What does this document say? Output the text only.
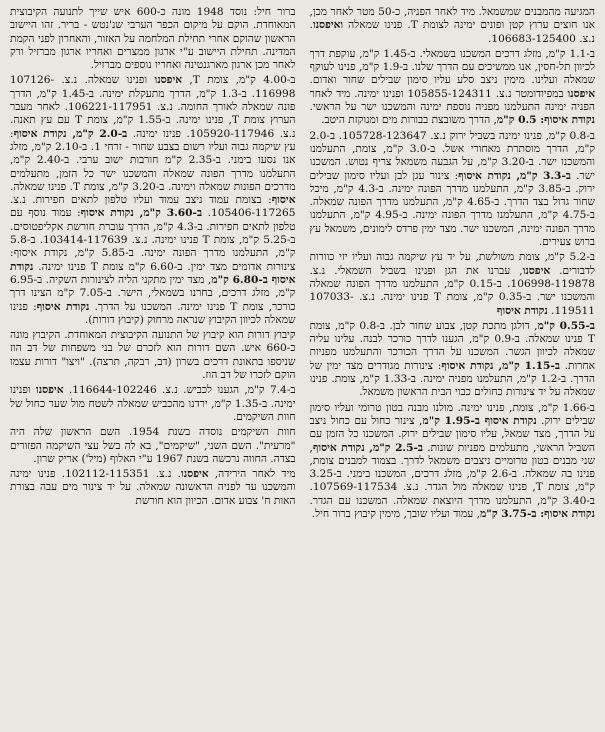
ברור חיל: נוסד 1948 מונה כ-600 איש שייך לתנועה הקיבוצית המאוחדת. הוקם על מיקום הכפר הערבי שנ'נטש - בריר. זהו היישוב הראשון שהוקם אחרי תחילת המלחמה על האזור, והאחרון לפני הקמת המדינה. תחילת היישוב ע"י ארגון ממצרים ואחריו ארגון מברזיל ורק לאחר מכן ארגון מארגנטינה ואחריו נוספים מברזיל.

ב-4.00 ק"מ, צומת T, איפסנו ופנינו שמאלה. נ.צ. 107126-116998. ב-1.3 ק"מ, הדרך מתעקלת ימינה. ב-1.45 ק"מ, הדרך פונה שמאלה לאורך החומה. נ.צ. 106221-117951. לאחר מעבר הערוץ צומת T, פנינו ימינה. ב-1.55 ק"מ, צומת T עם עץ תאנה. נ.צ. 105920-117946. פנינו ימינה. ב-2.0 ק"מ, נקודת איסוף: עץ שיקמה גבוה ועליו רשום בצבע שחור - זרחי 1. ב-2.10 ק"מ, מזלג אנו נסעו בימני. ב-2.35 ק"מ חורבות ישוב ערבי. ב-2.40 ק"מ, התעלמנו מדרך הפונה שמאלה והמשכנו ישר כל הזמן, מתעלמים מדרכים הפונות שמאלה וימינה. ב-3.20 ק"מ, צומת T. פנינו שמאלה. איסוף: בצומת עמוד ניצב עמוד ועליו טלפון לתאים חפירות. נ.צ. 105406-117265. ב-3.60 ק"מ, נקודת איסוף: עמוד נוסף עם טלפון לתאים חפירות. ב-4.3 ק"מ, הדרך עוברת חורשת אקליפטוסים. ב-5.25 ק"מ, צומת T פנינו ימינה. נ.צ. 103414-117639. ב-5.8 ק"מ, התעלמנו מדרך הפונה ימינה. ב-5.85 ק"מ, נקודת איסוף: צינורות אדומים מצד ימין. ב-6.60 ק"מ צומת T פנינו ימינה. נקודת איסוף ב-6.80 ק"מ, מצד ימין מתקני הליה לצינורות השקיה. ב-6.95 ק"מ, מזלג דרכים, בחרנו בשמאלי, הישר. ב-7.05 ק"מ הצינו דרך כורכר, צומת T פנינו ימינה. המשכנו על הדרך. נקודת איסוף: פנינו שמאלה לכיוון הקיבוץ שנראה מרחוק (קיבוץ דורות).

קיבוץ דורות הוא קיבוץ של התנועה הקיבוצית המאוחדת. הקיבוץ מונה כ-660 איש. השם דורות הוא לזכרם של בני משפחות של דב הוז שניספו בתאונת דרכים בשרון (דב, רבקה, תרצה). "ויצו" דורות עצמו הוקם לזכרו של דב הוז.

ב-7.4 ק"מ, הגענו לכביש. נ.צ. 116644-102246. איפסנו ופנינו ימינה. ב-1.35 ק"מ, ירדנו מהכביש שמאלה לשטח מול שער כחול של חוות השיקמים.

חוות השיקמים נוסדה בשנת 1954. השם הראשון שלה היה "מרעית". השם השני, "שיקמים", בא לה בשל עצי השיקמה הפזורים בצדה. החווה נרכשה בשנת 1967 ע"י האלוף (מיל') אריק שרון.

מיד לאחר הירידה, איפסנו. נ.צ. 102112-115351. פנינו ימינה והמשכנו עד לפניה הראשונה שמאלה. על יד צינור מים עבה בצורת האות ח' צבוע אדום. הכיוון הוא חורשת

המגיעה מהמבנים שמשמאל. מיד לאחר הפניה, כ-50 מטר לאחר מכן, אנו חוצים ערוץ קטן ופונים ימינה לצומת T. פנינו שמאלה ואיפסנו. נ.צ. 106683-125400.

ב-1.1 ק"מ, מזלג דרכים המשכנו בשמאלי. ב-1.45 ק"מ, עוקפת דרך לכיוון תל-חסין, אנו ממשיכים עם הדרך שלנו. ב-1.9 ק"מ, פנינו לעוקף שמאלה ועלינו. מימין ניצב סלע עליו סימון שבילים שחור ואדום. איפסנו במפיודומטר נ.צ. 105855-124311 ופנינו ימינה. מיד לאחר הפניה ימינה התעלמנו מפניה נוספת ימינה והמשכנו ישר על הראשי. נקודת איסוף: 0.5 ק"מ, הדרך משובצת בבורות מים ומנוקזת היטב.

ב-0.8 ק"מ, פנינו ימינה בשביל ירוק נ.צ. 105728-123647. ב-2.0 ק"מ, הדרך מוסתרת מאחורי אשל. ב-3.0 ק"מ, צומת, התעלמנו והמשכנו ישר. ב-3.20 ק"מ, על הגבעה משמאל צריף נטוש. המשכנו ישר. ב-3.3 ק"מ, נקודת איסוף: צינור עגן לבן ועליו סימון שבילים ירוק. ב-3.85 ק"מ, התעלמנו מדרך הפונה ימינה. ב-4.3 ק"מ, מיכל שחור גדול בצד הדרך. ב-4.65 ק"מ, התעלמנו מדרך הפונה שמאלה. ב-4.75 ק"מ, התעלמנו מדרך הפונה ימינה. ב-4.95 ק"מ, התעלמנו מדרך הפונה ימינה, המשכנו ישר. מצד ימין פרדס לימונים, משמאל עץ ברוש צעירים.

ב-5.2 ק"מ, צומת משולשת, על יד עץ שיקמה גבוה ועליו יזי כוורות לדבורים. איפסנו, עברנו את הגן ופנינו בשביל השמאלי. נ.צ. 106998-119878. ב-0.15 ק"מ, התעלמנו מדרך הפונה שמאלה והמשכנו ישר. ב-0.35 ק"מ, צומת T פנינו ימינה. נ.צ. 107033-119511. נקודת איסוף

ב-0.55 ק"מ, דולגן מתכת קטן, צבוע שחור לבן. ב-0.8 ק"מ, צומת T פנינו שמאלה. ב-0.9 ק"מ, הגענו לדרך כורכר לבנה. עלינו עליה שמאלה לכיוון הגשר. המשכנו על הדרך הכורכר והתעלמנו מפניות אחרות. ב-1.15 ק"מ, נקודת איסוף: צינורות מגודרים מצד ימין של הדרך. ב-1.2 ק"מ, התעלמנו מפניה ימינה. ב-1.33 ק"מ, צומת. פנינו שמאלה על יד צינורות כחולים כבוי הבית הראשון משמאל.

ב-1.66 ק"מ, צומת, פנינו ימינה. מולנו מבנה בטון טרומי ועליו סימון שבילים ירוק. נקודת איסוף ב-1.95 ק"מ, צינור כחול עם כחול ניצב על הדרך, מצד שמאל, עליו סימון שבילים ירוק. המשכנו כל הזמן עם השביל הראשי, מתעלמים מפניות שונות. ב-2.5 ק"מ, נקודת איסוף, שני מבנים בטון טרומיים ניצבים משמאל לדרך. בצמוד למבנים צומת, פנינו בה שמאלה. ב-2.6 ק"מ, מזלג דרכים, המשכנו בימני. ב-3.25 ק"מ, צומת T, פנינו שמאלה מול הגדר. נ.צ. 107569-117534. ב-3.40 ק"מ, התעלמנו מדרך היוצאת שמאלה. המשכנו עם הגדר. נקודת איסוף: ב-3.75 ק"מ, עמוד ועליו שובך, מימין קיבוץ ברור חיל.
